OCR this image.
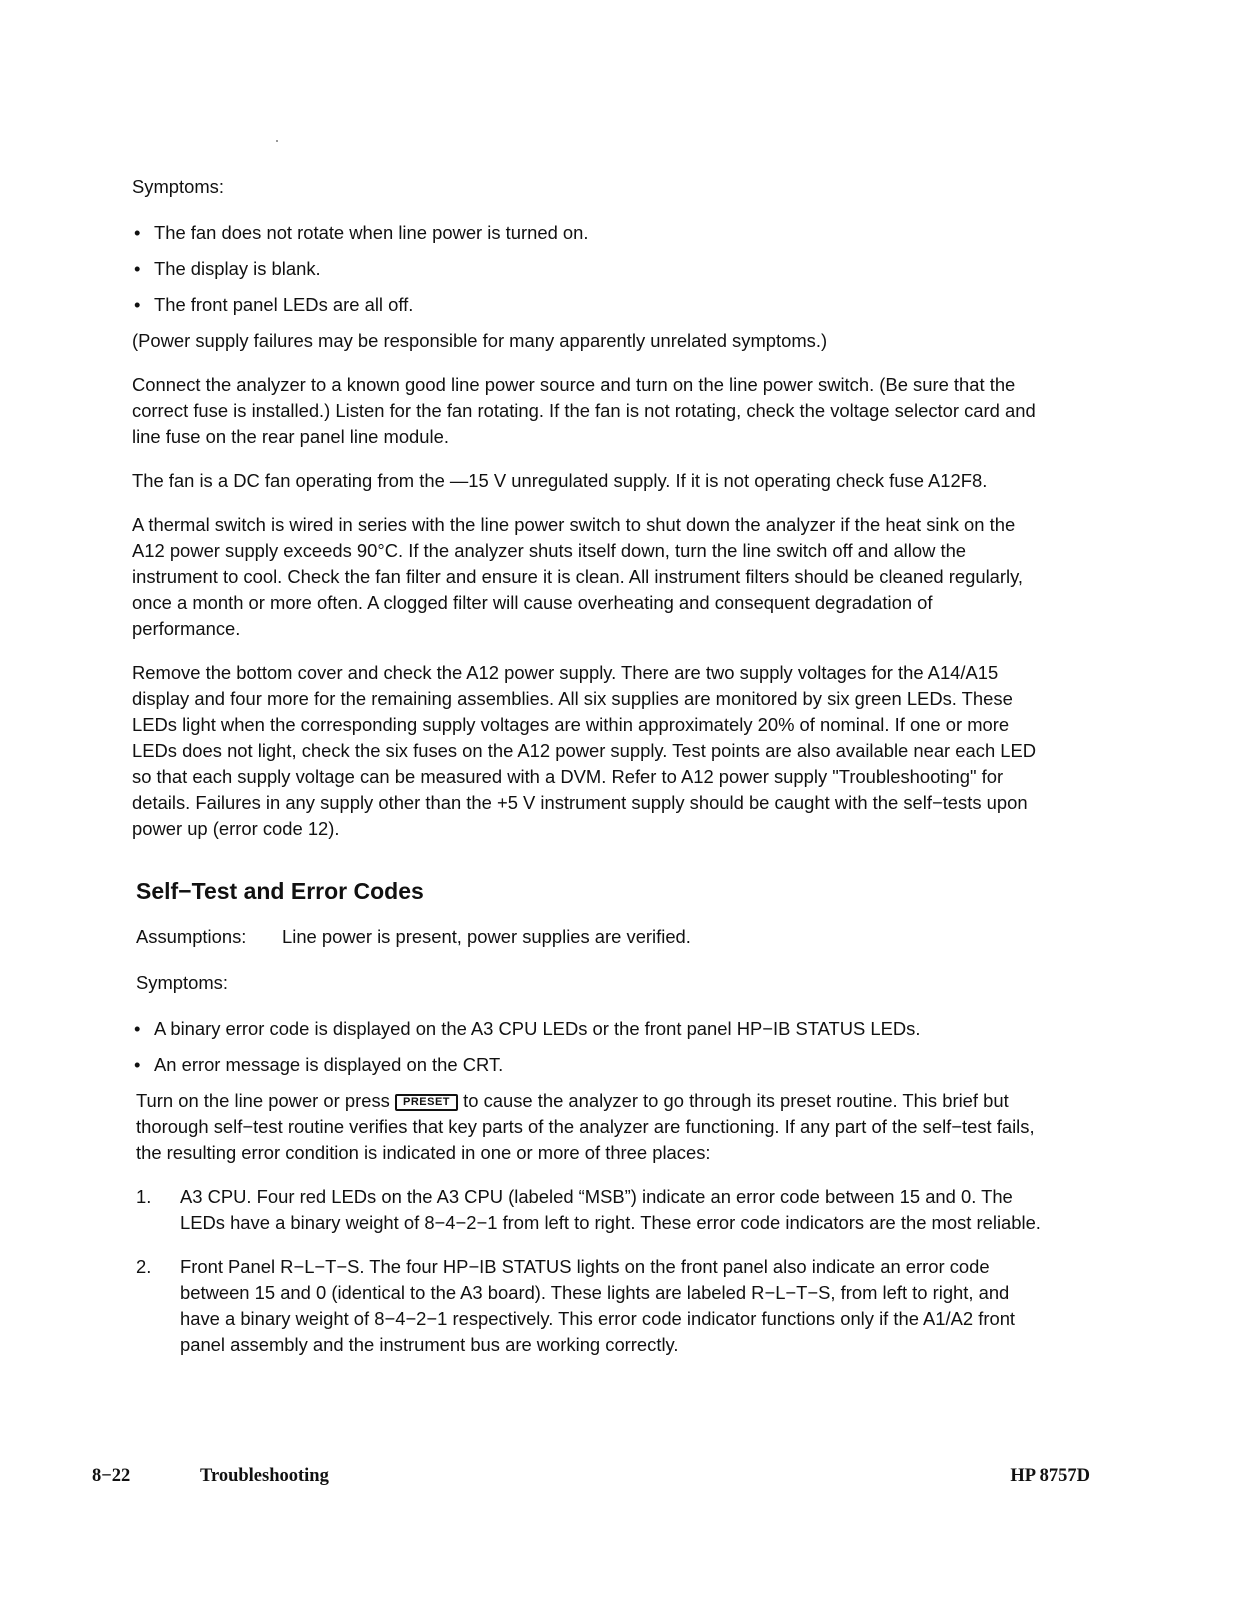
Symptoms:

• The fan does not rotate when line power is turned on.
• The display is blank.
• The front panel LEDs are all off.

(Power supply failures may be responsible for many apparently unrelated symptoms.)

Connect the analyzer to a known good line power source and turn on the line power switch. (Be sure that the correct fuse is installed.) Listen for the fan rotating. If the fan is not rotating, check the voltage selector card and line fuse on the rear panel line module.

The fan is a DC fan operating from the —15 V unregulated supply. If it is not operating check fuse A12F8.

A thermal switch is wired in series with the line power switch to shut down the analyzer if the heat sink on the A12 power supply exceeds 90°C. If the analyzer shuts itself down, turn the line switch off and allow the instrument to cool. Check the fan filter and ensure it is clean. All instrument filters should be cleaned regularly, once a month or more often. A clogged filter will cause overheating and consequent degradation of performance.

Remove the bottom cover and check the A12 power supply. There are two supply voltages for the A14/A15 display and four more for the remaining assemblies. All six supplies are monitored by six green LEDs. These LEDs light when the corresponding supply voltages are within approximately 20% of nominal. If one or more LEDs does not light, check the six fuses on the A12 power supply. Test points are also available near each LED so that each supply voltage can be measured with a DVM. Refer to A12 power supply "Troubleshooting" for details. Failures in any supply other than the +5 V instrument supply should be caught with the self−tests upon power up (error code 12).

Self−Test and Error Codes
Assumptions:	Line power is present, power supplies are verified.

Symptoms:

• A binary error code is displayed on the A3 CPU LEDs or the front panel HP−IB STATUS LEDs.
• An error message is displayed on the CRT.

Turn on the line power or press PRESET to cause the analyzer to go through its preset routine. This brief but thorough self−test routine verifies that key parts of the analyzer are functioning. If any part of the self−test fails, the resulting error condition is indicated in one or more of three places:

1.	A3 CPU. Four red LEDs on the A3 CPU (labeled “MSB”) indicate an error code between 15 and 0. The LEDs have a binary weight of 8−4−2−1 from left to right. These error code indicators are the most reliable.
2.	Front Panel R−L−T−S. The four HP−IB STATUS lights on the front panel also indicate an error code between 15 and 0 (identical to the A3 board). These lights are labeled R−L−T−S, from left to right, and have a binary weight of 8−4−2−1 respectively. This error code indicator functions only if the A1/A2 front panel assembly and the instrument bus are working correctly.
8−22	Troubleshooting	HP 8757D
